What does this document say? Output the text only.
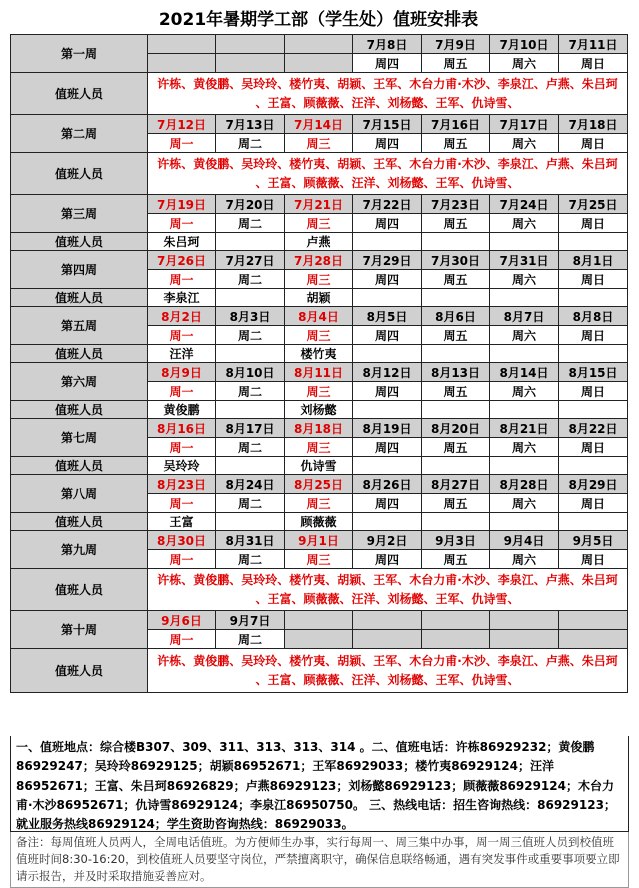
2021年暑期学工部（学生处）值班安排表
第一周				7月8日	7月9日	7月10日	7月11日
				周四	周五	周六	周日
值班人员	许栋、黄俊鹏、吴玲玲、楼竹夷、胡颖、王军、木台力甫·木沙、李泉江、卢燕、朱吕珂
、王富、顾薇薇、汪洋、刘杨懿、王军、仇诗雪、						

第二周	7月12日	7月13日	7月14日	7月15日	7月16日	7月17日	7月18日
	周一	周二	周三	周四	周五	周六	周日
值班人员	许栋、黄俊鹏、吴玲玲、楼竹夷、胡颖、王军、木台力甫·木沙、李泉江、卢燕、朱吕珂
、王富、顾薇薇、汪洋、刘杨懿、王军、仇诗雪、						

第三周	7月19日	7月20日	7月21日	7月22日	7月23日	7月24日	7月25日
	周一	周二	周三	周四	周五	周六	周日
值班人员	朱吕珂		卢燕				
第四周	7月26日	7月27日	7月28日	7月29日	7月30日	7月31日	8月1日
	周一	周二	周三	周四	周五	周六	周日
值班人员	李泉江		胡颖				
第五周	8月2日	8月3日	8月4日	8月5日	8月6日	8月7日	8月8日
	周一	周二	周三	周四	周五	周六	周日
值班人员	汪洋		楼竹夷				
第六周	8月9日	8月10日	8月11日	8月12日	8月13日	8月14日	8月15日
	周一	周二	周三	周四	周五	周六	周日
值班人员	黄俊鹏		刘杨懿				
第七周	8月16日	8月17日	8月18日	8月19日	8月20日	8月21日	8月22日
	周一	周二	周三	周四	周五	周六	周日
值班人员	吴玲玲		仇诗雪				
第八周	8月23日	8月24日	8月25日	8月26日	8月27日	8月28日	8月29日
	周一	周二	周三	周四	周五	周六	周日
值班人员	王富		顾薇薇				
第九周	8月30日	8月31日	9月1日	9月2日	9月3日	9月4日	9月5日
	周一	周二	周三	周四	周五	周六	周日
值班人员	许栋、黄俊鹏、吴玲玲、楼竹夷、胡颖、王军、木台力甫·木沙、李泉江、卢燕、朱吕珂
、王富、顾薇薇、汪洋、刘杨懿、王军、仇诗雪、						

第十周	9月6日	9月7日					
	周一	周二					
值班人员	许栋、黄俊鹏、吴玲玲、楼竹夷、胡颖、王军、木台力甫·木沙、李泉江、卢燕、朱吕珂
、王富、顾薇薇、汪洋、刘杨懿、王军、仇诗雪、						
一、值班地点：综合楼B307、309、311、313、313、314 。二、值班电话：许栋86929232；黄俊鹏86929247；吴玲玲86929125；胡颖86952671；王军86929033；楼竹夷86929124；汪洋86952671；王富、朱吕珂86926829；卢燕86929123；刘杨懿86929123；顾薇薇86929124；木台力甫·木沙86952671；仇诗雪86929124；李泉江86950750。 三、热线电话：招生咨询热线：86929123；就业服务热线86929124；学生资助咨询热线：86929033。
备注：每周值班人员两人，全周电话值班。为方便师生办事，实行每周一、周三集中办事，周一周三值班人员到校值班值班时间8:30-16:20，到校值班人员要坚守岗位，严禁擅离职守，确保信息联络畅通，遇有突发事件或重要事项要立即请示报告，并及时采取措施妥善应对。
